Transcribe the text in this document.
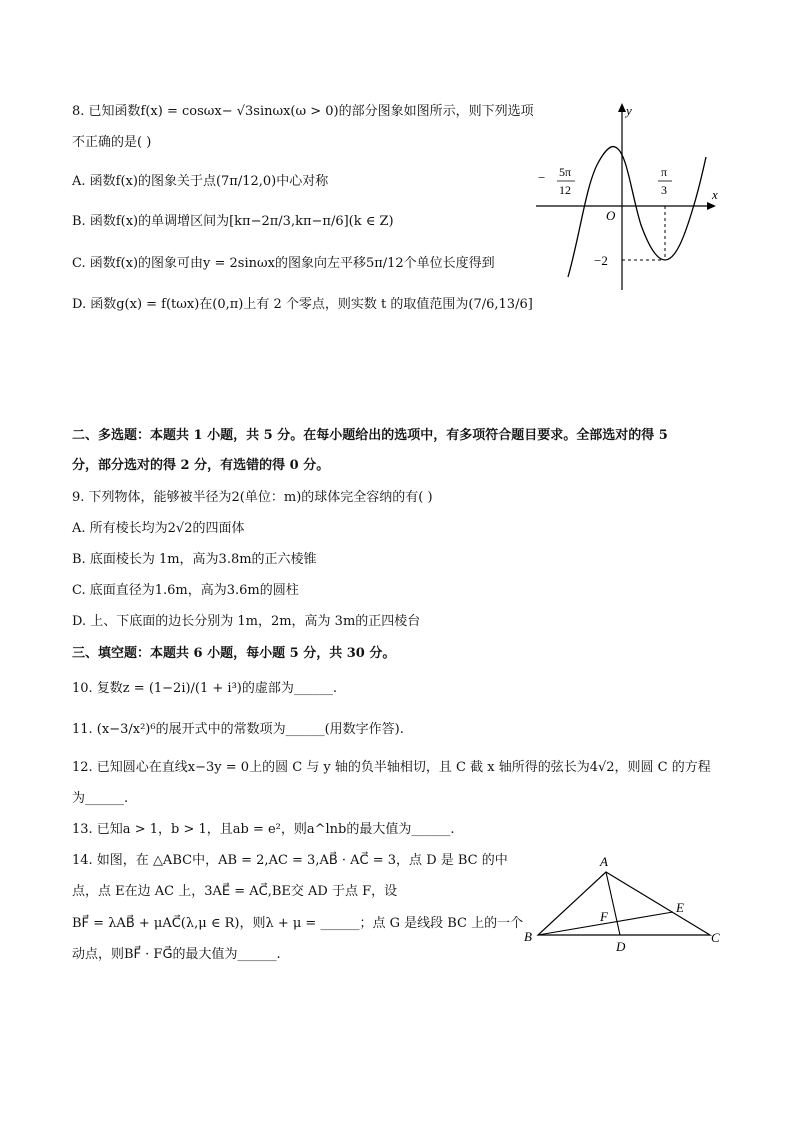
8. 已知函数f(x) = cosωx− √3sinωx(ω > 0)的部分图象如图所示，则下列选项
不正确的是( )
A. 函数f(x)的图象关于点(7π/12,0)中心对称
B. 函数f(x)的单调增区间为[kπ−2π/3,kπ−π/6](k ∈ Z)
C. 函数f(x)的图象可由y = 2sinωx的图象向左平移5π/12个单位长度得到
D. 函数g(x) = f(tωx)在(0,π)上有 2 个零点，则实数 t 的取值范围为(7/6,13/6]
y
x
O
− 5π
12
π
3
−2
二、多选题：本题共 1 小题，共 5 分。在每小题给出的选项中，有多项符合题目要求。全部选对的得 5
分，部分选对的得 2 分，有选错的得 0 分。
9. 下列物体，能够被半径为2(单位：m)的球体完全容纳的有( )
A. 所有棱长均为2√2的四面体
B. 底面棱长为 1m，高为3.8m的正六棱锥
C. 底面直径为1.6m，高为3.6m的圆柱
D. 上、下底面的边长分别为 1m，2m，高为 3m的正四棱台
三、填空题：本题共 6 小题，每小题 5 分，共 30 分。
10. 复数z = (1−2i)/(1 + i³)的虚部为______.
11. (x−3/x²)⁶的展开式中的常数项为______(用数字作答).
12. 已知圆心在直线x−3y = 0上的圆 C 与 y 轴的负半轴相切，且 C 截 x 轴所得的弦长为4√2，则圆 C 的方程
为______.
13. 已知a > 1，b > 1，且ab = e²，则a^lnb的最大值为______.
14. 如图，在 △ABC中，AB = 2,AC = 3,AB⃗ · AC⃗ = 3，点 D 是 BC 的中
点，点 E在边 AC 上，3AE⃗ = AC⃗,BE交 AD 于点 F，设
BF⃗ = λAB⃗ + μAC⃗(λ,μ ∈ R)，则λ + μ = ______；点 G 是线段 BC 上的一个
动点，则BF⃗ · FG⃗的最大值为______.
A
B	C
D
E
F
